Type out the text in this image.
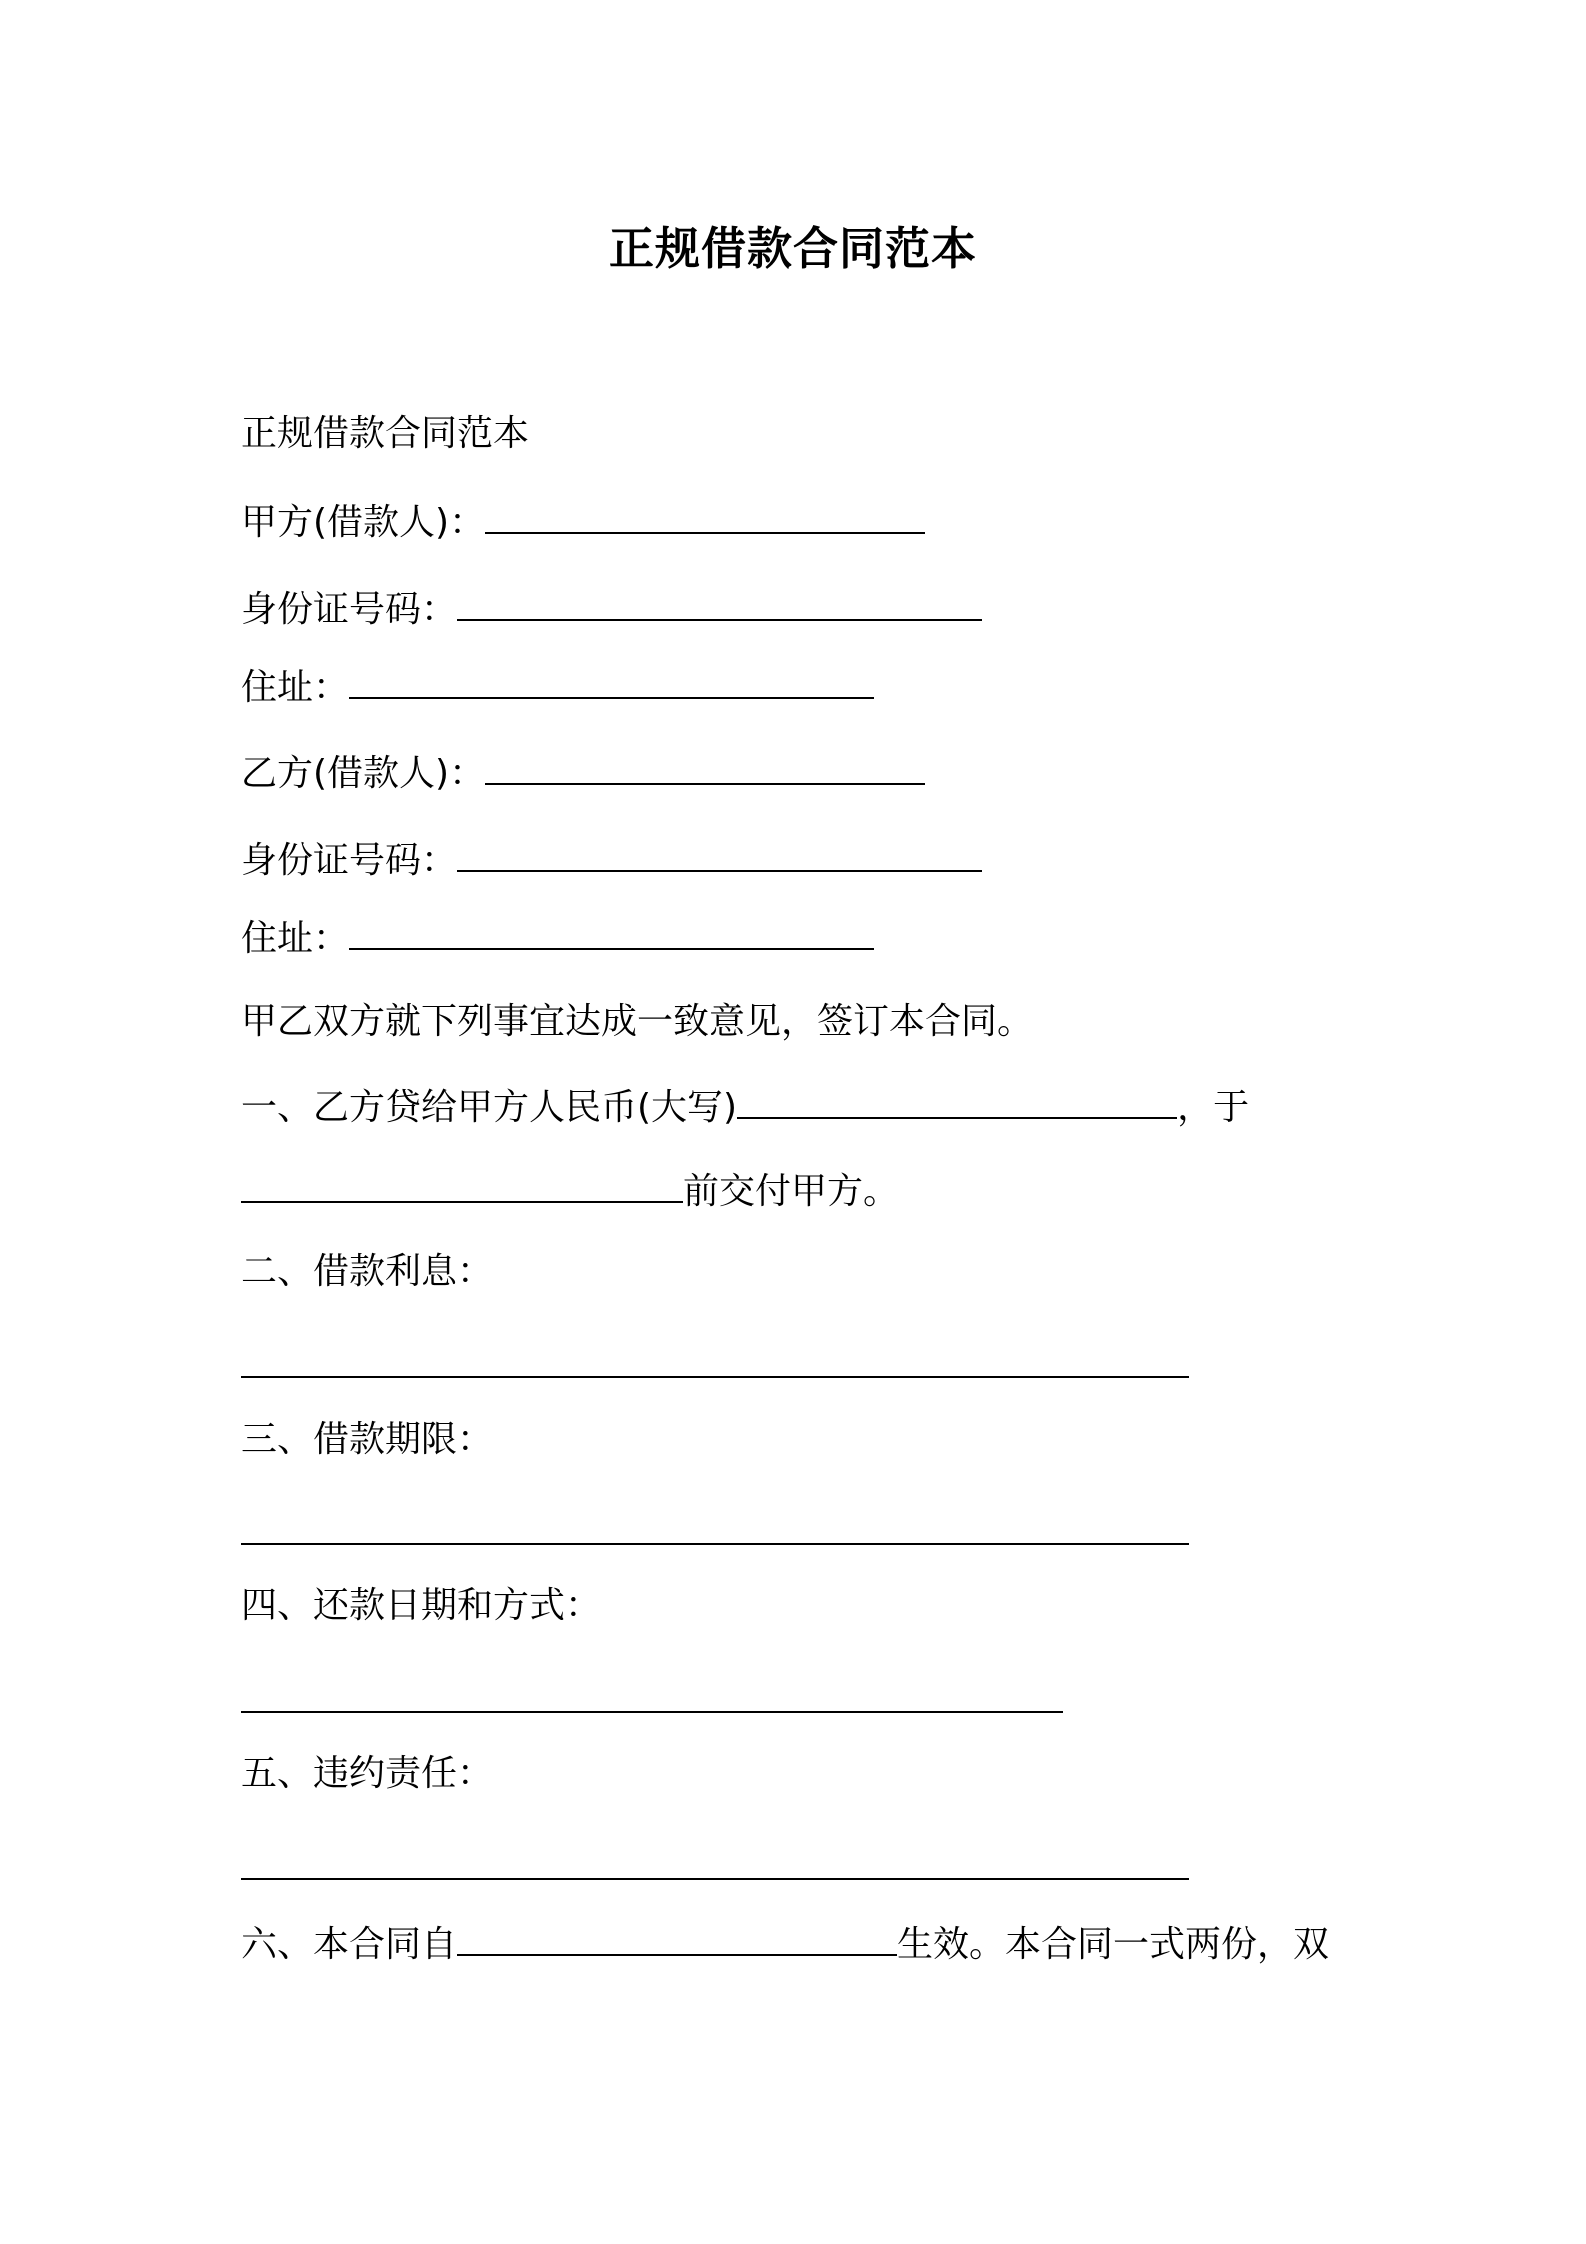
正规借款合同范本
正规借款合同范本
甲方(借款人)：
身份证号码：
住址：
乙方(借款人)：
身份证号码：
住址：
甲乙双方就下列事宜达成一致意见，签订本合同。
一、乙方贷给甲方人民币(大写)	，于
前交付甲方。
二、借款利息：
三、借款期限：
四、还款日期和方式：
五、违约责任：
六、本合同自	生效。本合同一式两份，双
